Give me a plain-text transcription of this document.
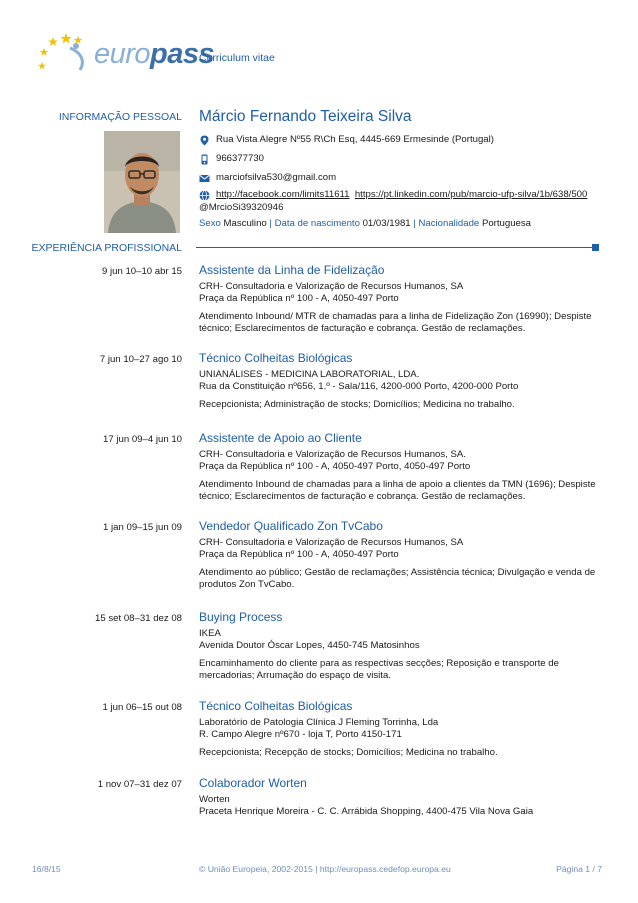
europass
Curriculum vitae
INFORMAÇÃO PESSOAL Márcio Fernando Teixeira Silva
Rua Vista Alegre Nº55 R\Ch Esq, 4445-669 Ermesinde (Portugal)
966377730
marciofsilva530@gmail.com
http://facebook.com/limits11611 https://pt.linkedin.com/pub/marcio-ufp-silva/1b/638/500
@MrcioSi39320946
Sexo Masculino | Data de nascimento 01/03/1981 | Nacionalidade Portuguesa
EXPERIÊNCIA PROFISSIONAL
9 jun 10–10 abr 15 Assistente da Linha de Fidelização

CRH- Consultadoria e Valorização de Recursos Humanos, SA

Praça da República nº 100 - A, 4050-497 Porto

Atendimento Inbound/ MTR de chamadas para a linha de Fidelização Zon (16990); Despiste técnico; Esclarecimentos de facturação e cobrança. Gestão de reclamações.

7 jun 10–27 ago 10 Técnico Colheitas Biológicas

UNIANÁLISES - MEDICINA LABORATORIAL, LDA.

Rua da Constituição nº656, 1.º - Sala/116, 4200-000 Porto, 4200-000 Porto

Recepcionista; Administração de stocks; Domicílios; Medicina no trabalho.

17 jun 09–4 jun 10 Assistente de Apoio ao Cliente

CRH- Consultadoria e Valorização de Recursos Humanos, SA.

Praça da República nº 100 - A, 4050-497 Porto, 4050-497 Porto

Atendimento Inbound de chamadas para a linha de apoio a clientes da TMN (1696); Despiste técnico; Esclarecimentos de facturação e cobrança. Gestão de reclamações.

1 jan 09–15 jun 09 Vendedor Qualificado Zon TvCabo

CRH- Consultadoria e Valorização de Recursos Humanos, SA

Praça da República nº 100 - A, 4050-497 Porto

Atendimento ao público; Gestão de reclamações; Assistência técnica; Divulgação e venda de produtos Zon TvCabo.

15 set 08–31 dez 08 Buying Process

IKEA

Avenida Doutor Óscar Lopes, 4450-745 Matosinhos

Encaminhamento do cliente para as respectivas secções; Reposição e transporte de mercadorias; Arrumação do espaço de visita.

1 jun 06–15 out 08 Técnico Colheitas Biológicas

Laboratório de Patologia Clínica J Fleming Torrinha, Lda

R. Campo Alegre nº670 - loja T, Porto 4150-171

Recepcionista; Recepção de stocks; Domicílios; Medicina no trabalho.

1 nov 07–31 dez 07 Colaborador Worten

Worten

Praceta Henrique Moreira - C. C. Arrábida Shopping, 4400-475 Vila Nova Gaia

16/8/15	© União Europeia, 2002-2015 | http://europass.cedefop.europa.eu	Página 1 / 7
